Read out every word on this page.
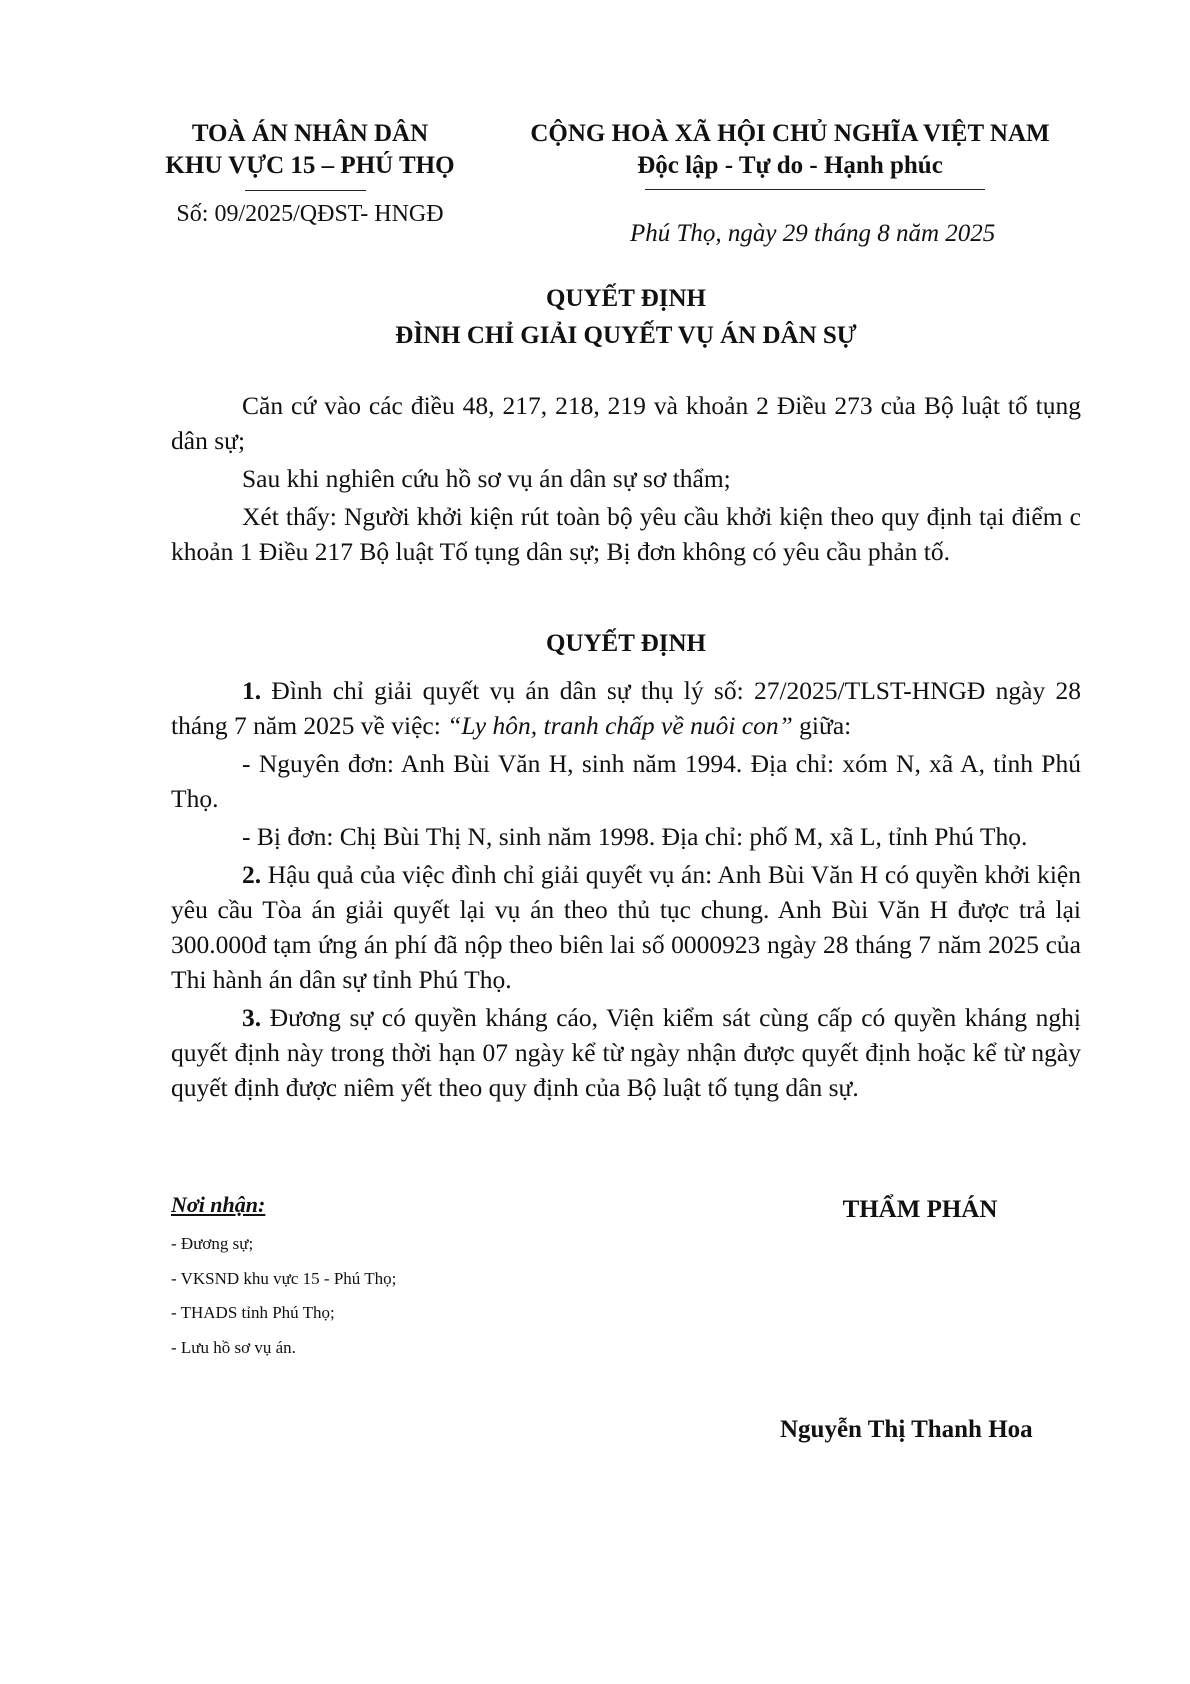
TOÀ ÁN NHÂN DÂN
KHU VỰC 15 – PHÚ THỌ
Số: 09/2025/QĐST- HNGĐ
CỘNG HOÀ XÃ HỘI CHỦ NGHĨA VIỆT NAM
Độc lập - Tự do - Hạnh phúc
Phú Thọ, ngày 29 tháng 8 năm 2025
QUYẾT ĐỊNH
ĐÌNH CHỈ GIẢI QUYẾT VỤ ÁN DÂN SỰ

Căn cứ vào các điều 48, 217, 218, 219 và khoản 2 Điều 273 của Bộ luật tố tụng dân sự;

Sau khi nghiên cứu hồ sơ vụ án dân sự sơ thẩm;

Xét thấy: Người khởi kiện rút toàn bộ yêu cầu khởi kiện theo quy định tại điểm c khoản 1 Điều 217 Bộ luật Tố tụng dân sự; Bị đơn không có yêu cầu phản tố.

QUYẾT ĐỊNH

1. Đình chỉ giải quyết vụ án dân sự thụ lý số: 27/2025/TLST-HNGĐ ngày 28 tháng 7 năm 2025 về việc: “Ly hôn, tranh chấp về nuôi con” giữa:

- Nguyên đơn: Anh Bùi Văn H, sinh năm 1994. Địa chỉ: xóm N, xã A, tỉnh Phú Thọ.

- Bị đơn: Chị Bùi Thị N, sinh năm 1998. Địa chỉ: phố M, xã L, tỉnh Phú Thọ.

2. Hậu quả của việc đình chỉ giải quyết vụ án: Anh Bùi Văn H có quyền khởi kiện yêu cầu Tòa án giải quyết lại vụ án theo thủ tục chung. Anh Bùi Văn H được trả lại 300.000đ tạm ứng án phí đã nộp theo biên lai số 0000923 ngày 28 tháng 7 năm 2025 của Thi hành án dân sự tỉnh Phú Thọ.

3. Đương sự có quyền kháng cáo, Viện kiểm sát cùng cấp có quyền kháng nghị quyết định này trong thời hạn 07 ngày kể từ ngày nhận được quyết định hoặc kể từ ngày quyết định được niêm yết theo quy định của Bộ luật tố tụng dân sự.

Nơi nhận:
- Đương sự;
- VKSND khu vực 15 - Phú Thọ;
- THADS tỉnh Phú Thọ;
- Lưu hồ sơ vụ án.
THẨM PHÁN
Nguyễn Thị Thanh Hoa
